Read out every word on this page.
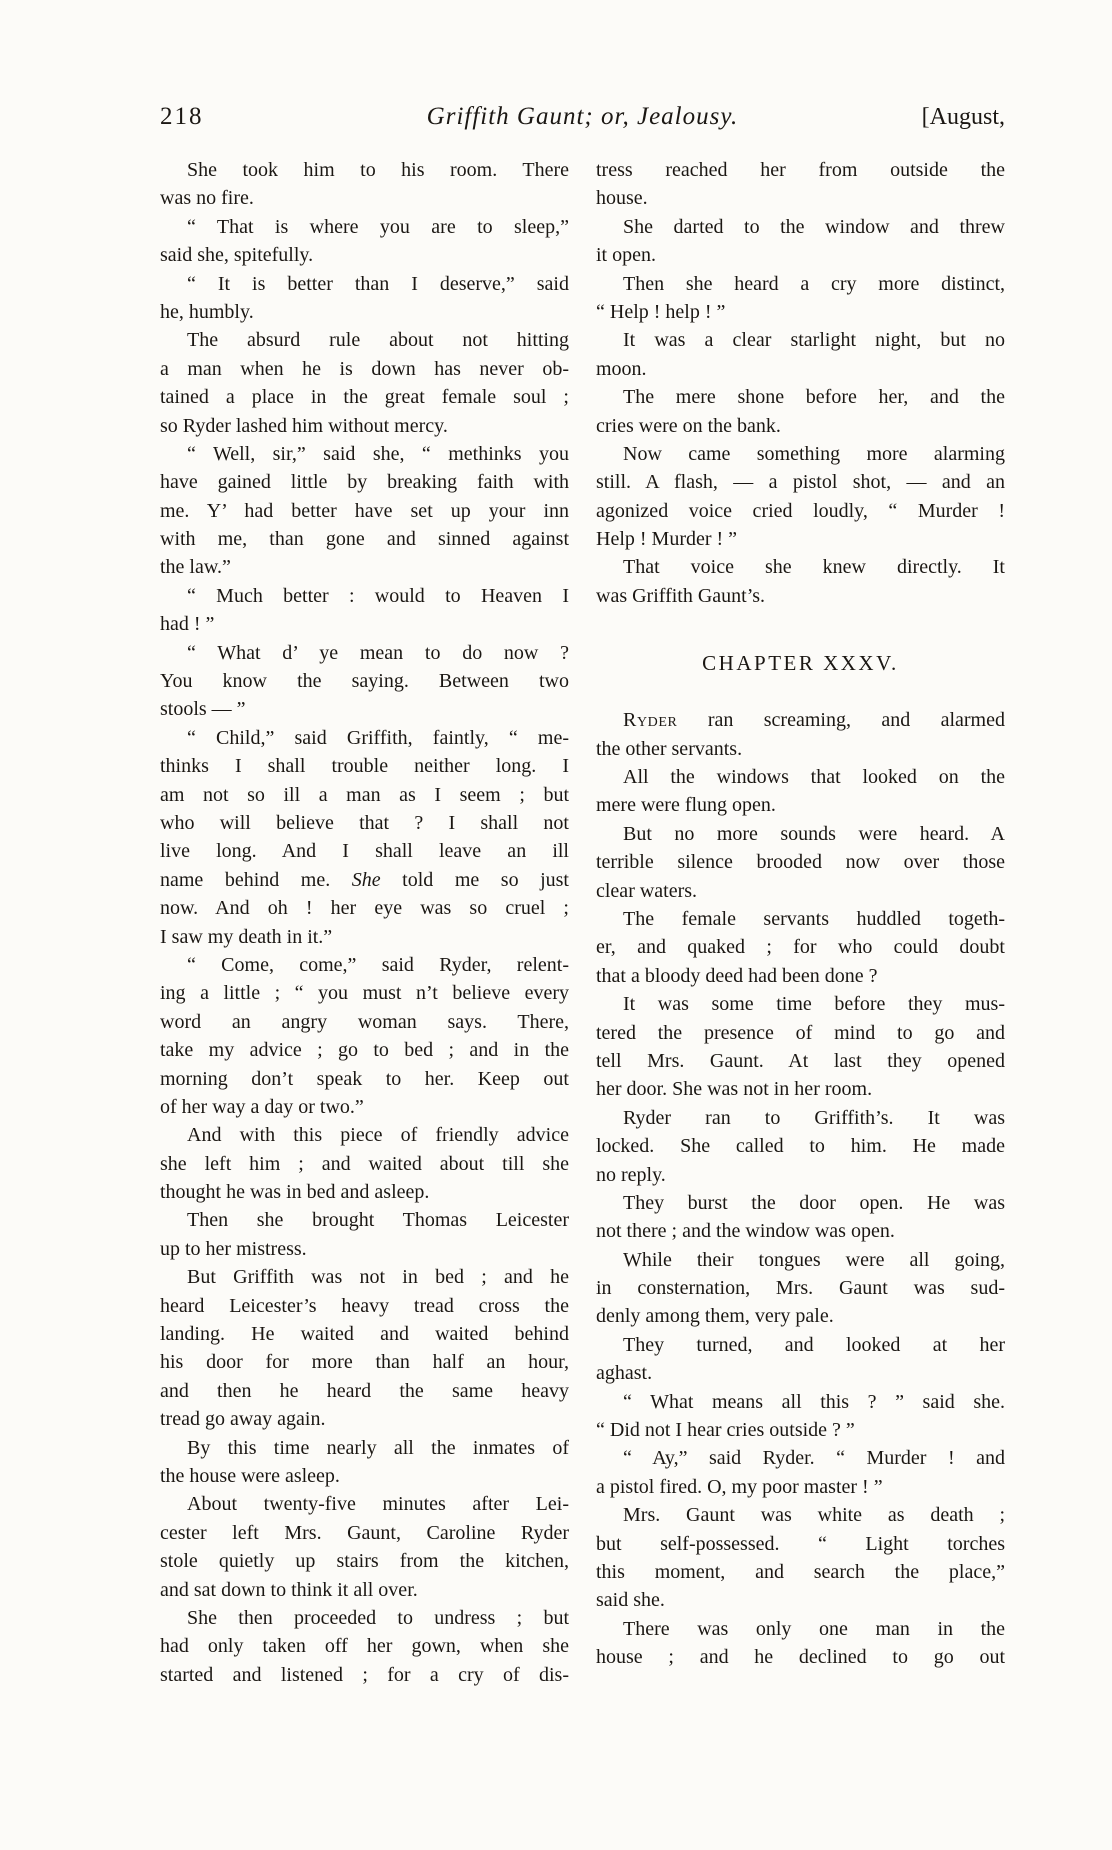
218	Griffith Gaunt; or, Jealousy.	[August,
She took him to his room. There
was no fire.
“ That is where you are to sleep,”
said she, spitefully.
“ It is better than I deserve,” said
he, humbly.
The absurd rule about not hitting
a man when he is down has never ob-
tained a place in the great female soul ;
so Ryder lashed him without mercy.
“ Well, sir,” said she, “ methinks you
have gained little by breaking faith with
me. Y’ had better have set up your inn
with me, than gone and sinned against
the law.”
“ Much better : would to Heaven I
had ! ”
“ What d’ ye mean to do now ?
You know the saying. Between two
stools — ”
“ Child,” said Griffith, faintly, “ me-
thinks I shall trouble neither long. I
am not so ill a man as I seem ; but
who will believe that ? I shall not
live long. And I shall leave an ill
name behind me. She told me so just
now. And oh ! her eye was so cruel ;
I saw my death in it.”
“ Come, come,” said Ryder, relent-
ing a little ; “ you must n’t believe every
word an angry woman says. There,
take my advice ; go to bed ; and in the
morning don’t speak to her. Keep out
of her way a day or two.”
And with this piece of friendly advice
she left him ; and waited about till she
thought he was in bed and asleep.
Then she brought Thomas Leicester
up to her mistress.
But Griffith was not in bed ; and he
heard Leicester’s heavy tread cross the
landing. He waited and waited behind
his door for more than half an hour,
and then he heard the same heavy
tread go away again.
By this time nearly all the inmates of
the house were asleep.
About twenty-five minutes after Lei-
cester left Mrs. Gaunt, Caroline Ryder
stole quietly up stairs from the kitchen,
and sat down to think it all over.
She then proceeded to undress ; but
had only taken off her gown, when she
started and listened ; for a cry of dis-
tress reached her from outside the
house.
She darted to the window and threw
it open.
Then she heard a cry more distinct,
“ Help ! help ! ”
It was a clear starlight night, but no
moon.
The mere shone before her, and the
cries were on the bank.
Now came something more alarming
still. A flash, — a pistol shot, — and an
agonized voice cried loudly, “ Murder !
Help ! Murder ! ”
That voice she knew directly. It
was Griffith Gaunt’s.
CHAPTER XXXV.
Ryder ran screaming, and alarmed
the other servants.
All the windows that looked on the
mere were flung open.
But no more sounds were heard. A
terrible silence brooded now over those
clear waters.
The female servants huddled togeth-
er, and quaked ; for who could doubt
that a bloody deed had been done ?
It was some time before they mus-
tered the presence of mind to go and
tell Mrs. Gaunt. At last they opened
her door. She was not in her room.
Ryder ran to Griffith’s. It was
locked. She called to him. He made
no reply.
They burst the door open. He was
not there ; and the window was open.
While their tongues were all going,
in consternation, Mrs. Gaunt was sud-
denly among them, very pale.
They turned, and looked at her
aghast.
“ What means all this ? ” said she.
“ Did not I hear cries outside ? ”
“ Ay,” said Ryder. “ Murder ! and
a pistol fired. O, my poor master ! ”
Mrs. Gaunt was white as death ;
but self-possessed. “ Light torches
this moment, and search the place,”
said she.
There was only one man in the
house ; and he declined to go out
